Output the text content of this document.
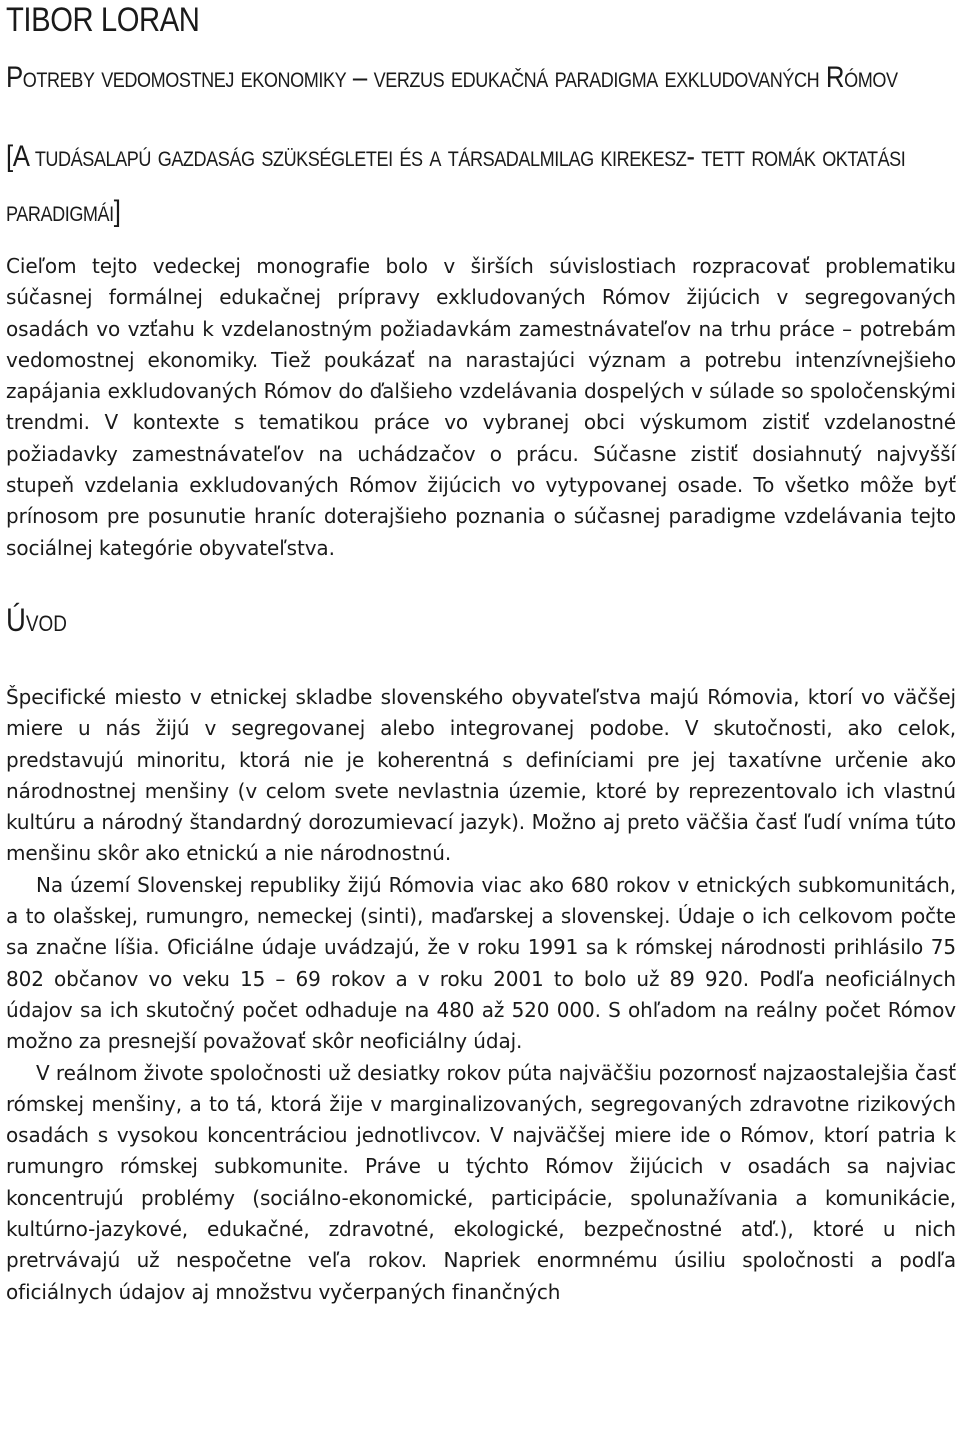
TIBOR LORAN
Potreby vedomostnej ekonomiky – verzus edukačná paradigma exkludovaných Rómov
[A tudásalapú gazdaság szükségletei és a társadalmilag kirekesz- tett romák oktatási paradigmái]

Cieľom tejto vedeckej monografie bolo v širších súvislostiach rozpracovať problematiku súčasnej formálnej edukačnej prípravy exkludovaných Rómov žijúcich v segregovaných osadách vo vzťahu k vzdelanostným požiadavkám zamestnávateľov na trhu práce – potrebám vedomostnej ekonomiky. Tiež poukázať na narastajúci význam a potrebu intenzívnejšieho zapájania exkludovaných Rómov do ďalšieho vzdelávania dospelých v súlade so spoločenskými trendmi. V kontexte s tematikou práce vo vybranej obci výskumom zistiť vzdelanostné požiadavky zamestnávateľov na uchádzačov o prácu. Súčasne zistiť dosiahnutý najvyšší stupeň vzdelania exkludovaných Rómov žijúcich vo vytypovanej osade. To všetko môže byť prínosom pre posunutie hraníc doterajšieho poznania o súčasnej paradigme vzdelávania tejto sociálnej kategórie obyvateľstva.

Úvod
Špecifické miesto v etnickej skladbe slovenského obyvateľstva majú Rómovia, ktorí vo väčšej miere u nás žijú v segregovanej alebo integrovanej podobe. V skutočnosti, ako celok, predstavujú minoritu, ktorá nie je koherentná s definíciami pre jej taxatívne určenie ako národnostnej menšiny (v celom svete nevlastnia územie, ktoré by reprezentovalo ich vlastnú kultúru a národný štandardný dorozumievací jazyk). Možno aj preto väčšia časť ľudí vníma túto menšinu skôr ako etnickú a nie národnostnú.
Na území Slovenskej republiky žijú Rómovia viac ako 680 rokov v etnických subkomunitách, a to olašskej, rumungro, nemeckej (sinti), maďarskej a slovenskej. Údaje o ich celkovom počte sa značne líšia. Oficiálne údaje uvádzajú, že v roku 1991 sa k rómskej národnosti prihlásilo 75 802 občanov vo veku 15 – 69 rokov a v roku 2001 to bolo už 89 920. Podľa neoficiálnych údajov sa ich skutočný počet odhaduje na 480 až 520 000. S ohľadom na reálny počet Rómov možno za presnejší považovať skôr neoficiálny údaj.
V reálnom živote spoločnosti už desiatky rokov púta najväčšiu pozornosť najzaostalejšia časť rómskej menšiny, a to tá, ktorá žije v marginalizovaných, segregovaných zdravotne rizikových osadách s vysokou koncentráciou jednotlivcov. V najväčšej miere ide o Rómov, ktorí patria k rumungro rómskej subkomunite. Práve u týchto Rómov žijúcich v osadách sa najviac koncentrujú problémy (sociálno-ekonomické, participácie, spolunažívania a komunikácie, kultúrno-jazykové, edukačné, zdravotné, ekologické, bezpečnostné atď.), ktoré u nich pretrvávajú už nespočetne veľa rokov. Napriek enormnému úsiliu spoločnosti a podľa oficiálnych údajov aj množstvu vyčerpaných finančných
